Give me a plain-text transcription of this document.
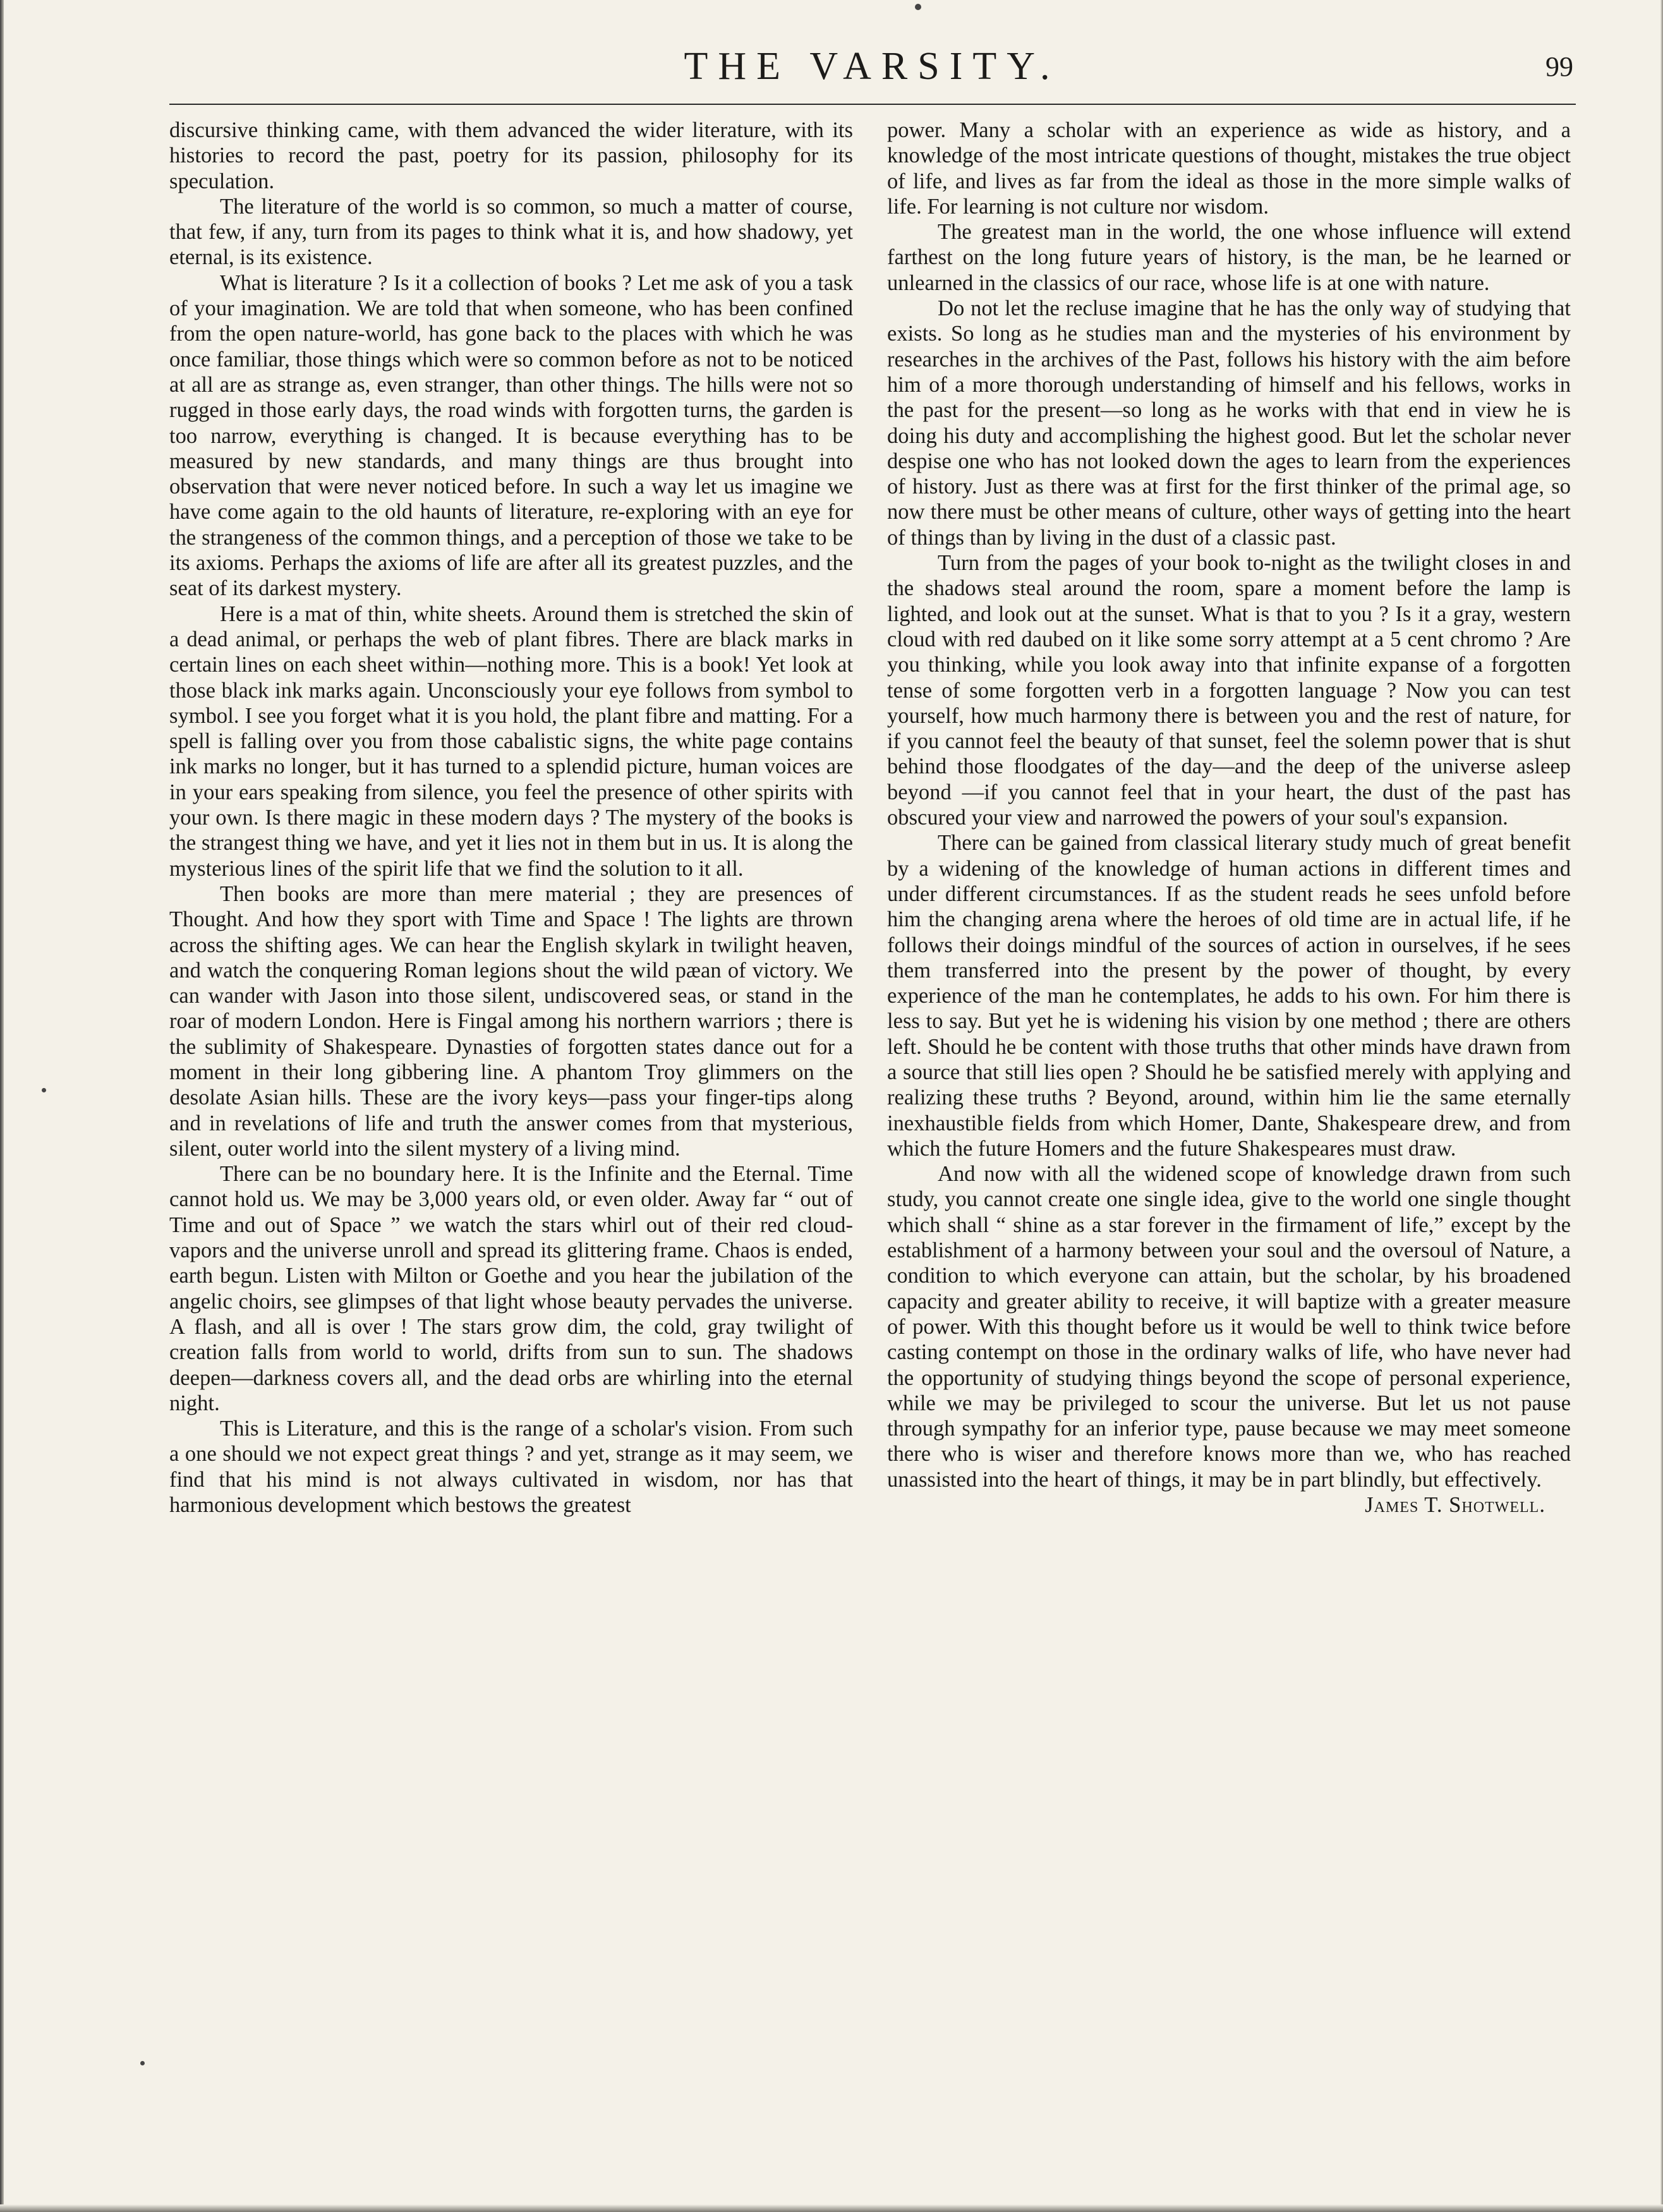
THE VARSITY.	99

discursive thinking came, with them advanced the wider literature, with its histories to record the past, poetry for its passion, philosophy for its speculation.

The literature of the world is so common, so much a matter of course, that few, if any, turn from its pages to think what it is, and how shadowy, yet eternal, is its existence.

What is literature ? Is it a collection of books ? Let me ask of you a task of your imagination. We are told that when someone, who has been confined from the open nature-world, has gone back to the places with which he was once familiar, those things which were so common before as not to be noticed at all are as strange as, even stranger, than other things. The hills were not so rugged in those early days, the road winds with forgotten turns, the garden is too narrow, everything is changed. It is because everything has to be measured by new standards, and many things are thus brought into observation that were never noticed before. In such a way let us imagine we have come again to the old haunts of literature, re-exploring with an eye for the strangeness of the common things, and a perception of those we take to be its axioms. Perhaps the axioms of life are after all its greatest puzzles, and the seat of its darkest mystery.

Here is a mat of thin, white sheets. Around them is stretched the skin of a dead animal, or perhaps the web of plant fibres. There are black marks in certain lines on each sheet within—nothing more. This is a book! Yet look at those black ink marks again. Unconsciously your eye follows from symbol to symbol. I see you forget what it is you hold, the plant fibre and matting. For a spell is falling over you from those cabalistic signs, the white page contains ink marks no longer, but it has turned to a splendid picture, human voices are in your ears speaking from silence, you feel the presence of other spirits with your own. Is there magic in these modern days ? The mystery of the books is the strangest thing we have, and yet it lies not in them but in us. It is along the mysterious lines of the spirit life that we find the solution to it all.

Then books are more than mere material ; they are presences of Thought. And how they sport with Time and Space ! The lights are thrown across the shifting ages. We can hear the English skylark in twilight heaven, and watch the conquering Roman legions shout the wild pæan of victory. We can wander with Jason into those silent, undiscovered seas, or stand in the roar of modern London. Here is Fingal among his northern warriors ; there is the sublimity of Shakespeare. Dynasties of forgotten states dance out for a moment in their long gibbering line. A phantom Troy glimmers on the desolate Asian hills. These are the ivory keys—pass your finger-tips along and in revelations of life and truth the answer comes from that mysterious, silent, outer world into the silent mystery of a living mind.

There can be no boundary here. It is the Infinite and the Eternal. Time cannot hold us. We may be 3,000 years old, or even older. Away far “ out of Time and out of Space ” we watch the stars whirl out of their red cloud-vapors and the universe unroll and spread its glittering frame. Chaos is ended, earth begun. Listen with Milton or Goethe and you hear the jubilation of the angelic choirs, see glimpses of that light whose beauty pervades the universe. A flash, and all is over ! The stars grow dim, the cold, gray twilight of creation falls from world to world, drifts from sun to sun. The shadows deepen—darkness covers all, and the dead orbs are whirling into the eternal night.

This is Literature, and this is the range of a scholar's vision. From such a one should we not expect great things ? and yet, strange as it may seem, we find that his mind is not always cultivated in wisdom, nor has that harmonious development which bestows the greatest

power. Many a scholar with an experience as wide as history, and a knowledge of the most intricate questions of thought, mistakes the true object of life, and lives as far from the ideal as those in the more simple walks of life. For learning is not culture nor wisdom.

The greatest man in the world, the one whose influence will extend farthest on the long future years of history, is the man, be he learned or unlearned in the classics of our race, whose life is at one with nature.

Do not let the recluse imagine that he has the only way of studying that exists. So long as he studies man and the mysteries of his environment by researches in the archives of the Past, follows his history with the aim before him of a more thorough understanding of himself and his fellows, works in the past for the present—so long as he works with that end in view he is doing his duty and accomplishing the highest good. But let the scholar never despise one who has not looked down the ages to learn from the experiences of history. Just as there was at first for the first thinker of the primal age, so now there must be other means of culture, other ways of getting into the heart of things than by living in the dust of a classic past.

Turn from the pages of your book to-night as the twilight closes in and the shadows steal around the room, spare a moment before the lamp is lighted, and look out at the sunset. What is that to you ? Is it a gray, western cloud with red daubed on it like some sorry attempt at a 5 cent chromo ? Are you thinking, while you look away into that infinite expanse of a forgotten tense of some forgotten verb in a forgotten language ? Now you can test yourself, how much harmony there is between you and the rest of nature, for if you cannot feel the beauty of that sunset, feel the solemn power that is shut behind those floodgates of the day—and the deep of the universe asleep beyond —if you cannot feel that in your heart, the dust of the past has obscured your view and narrowed the powers of your soul's expansion.

There can be gained from classical literary study much of great benefit by a widening of the knowledge of human actions in different times and under different circumstances. If as the student reads he sees unfold before him the changing arena where the heroes of old time are in actual life, if he follows their doings mindful of the sources of action in ourselves, if he sees them transferred into the present by the power of thought, by every experience of the man he contemplates, he adds to his own. For him there is less to say. But yet he is widening his vision by one method ; there are others left. Should he be content with those truths that other minds have drawn from a source that still lies open ? Should he be satisfied merely with applying and realizing these truths ? Beyond, around, within him lie the same eternally inexhaustible fields from which Homer, Dante, Shakespeare drew, and from which the future Homers and the future Shakespeares must draw.

And now with all the widened scope of knowledge drawn from such study, you cannot create one single idea, give to the world one single thought which shall “ shine as a star forever in the firmament of life,” except by the establishment of a harmony between your soul and the oversoul of Nature, a condition to which everyone can attain, but the scholar, by his broadened capacity and greater ability to receive, it will baptize with a greater measure of power. With this thought before us it would be well to think twice before casting contempt on those in the ordinary walks of life, who have never had the opportunity of studying things beyond the scope of personal experience, while we may be privileged to scour the universe. But let us not pause through sympathy for an inferior type, pause because we may meet someone there who is wiser and therefore knows more than we, who has reached unassisted into the heart of things, it may be in part blindly, but effectively.

James T. Shotwell.
